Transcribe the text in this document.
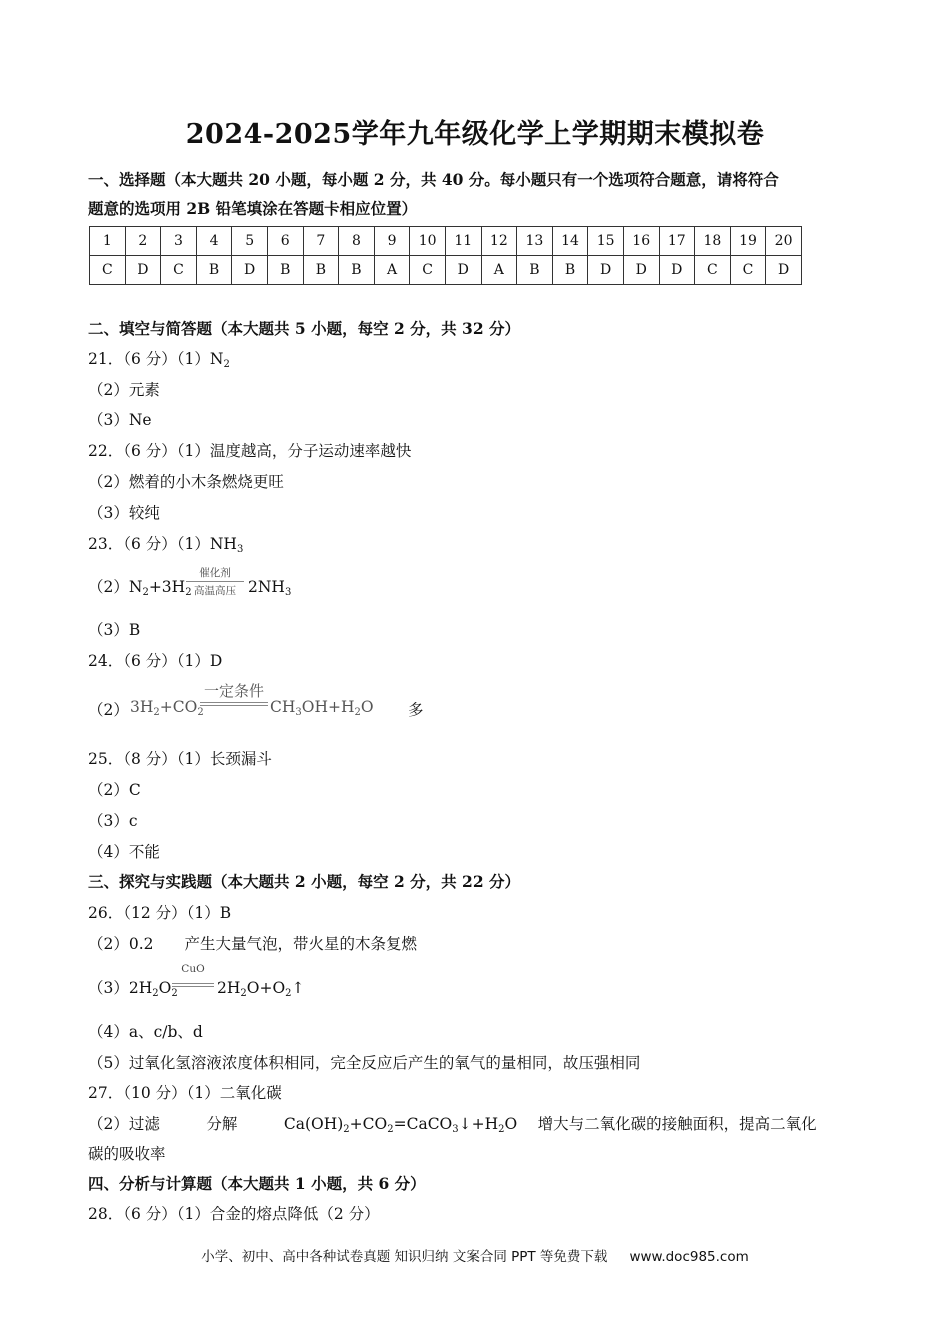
2024-2025学年九年级化学上学期期末模拟卷
一、选择题（本大题共 20 小题，每小题 2 分，共 40 分。每小题只有一个选项符合题意，请将符合
题意的选项用 2B 铅笔填涂在答题卡相应位置）
1	2	3	4	5	6	7	8	9	10	11	12	13	14	15	16	17	18	19	20
C	D	C	B	D	B	B	B	A	C	D	A	B	B	D	D	D	C	C	D
二、填空与简答题（本大题共 5 小题，每空 2 分，共 32 分）
21．（6 分）$(1)N_2$
（2）元素
（3）Ne
22．（6 分）（1）温度越高，分子运动速率越快
（2）燃着的小木条燃烧更旺
（3）较纯
23．（6 分）$(1)NH_3$
$(2)N_2+3H_2$
催化剂
高温高压 $2NH_3$
（3）B
24．（6 分）（1）D
（2） $3H_2+CO_2$
一定条件
$CH_3OH+H_2O$ 多
25．（8 分）（1）长颈漏斗
（2）C
（3）c
（4）不能
三、探究与实践题（本大题共 2 小题，每空 2 分，共 22 分）
26．（12 分）（1）B
（2）0.2　　产生大量气泡，带火星的木条复燃
$(3)2H_2O_2$
CuO
$2H_2O+O_2↑$
（4）a、c/b、d
（5）过氧化氢溶液浓度体积相同，完全反应后产生的氧气的量相同，故压强相同
27．（10 分）（1）二氧化碳
（2）过滤　　　分解　　　$Ca(OH)_2+CO_2=CaCO_3↓+H_2O$　 增大与二氧化碳的接触面积，提高二氧化
碳的吸收率
四、分析与计算题（本大题共 1 小题，共 6 分）
28．（6 分）（1）合金的熔点降低（2 分）
小学、初中、高中各种试卷真题 知识归纳 文案合同 PPT 等免费下载 www.doc985.com
